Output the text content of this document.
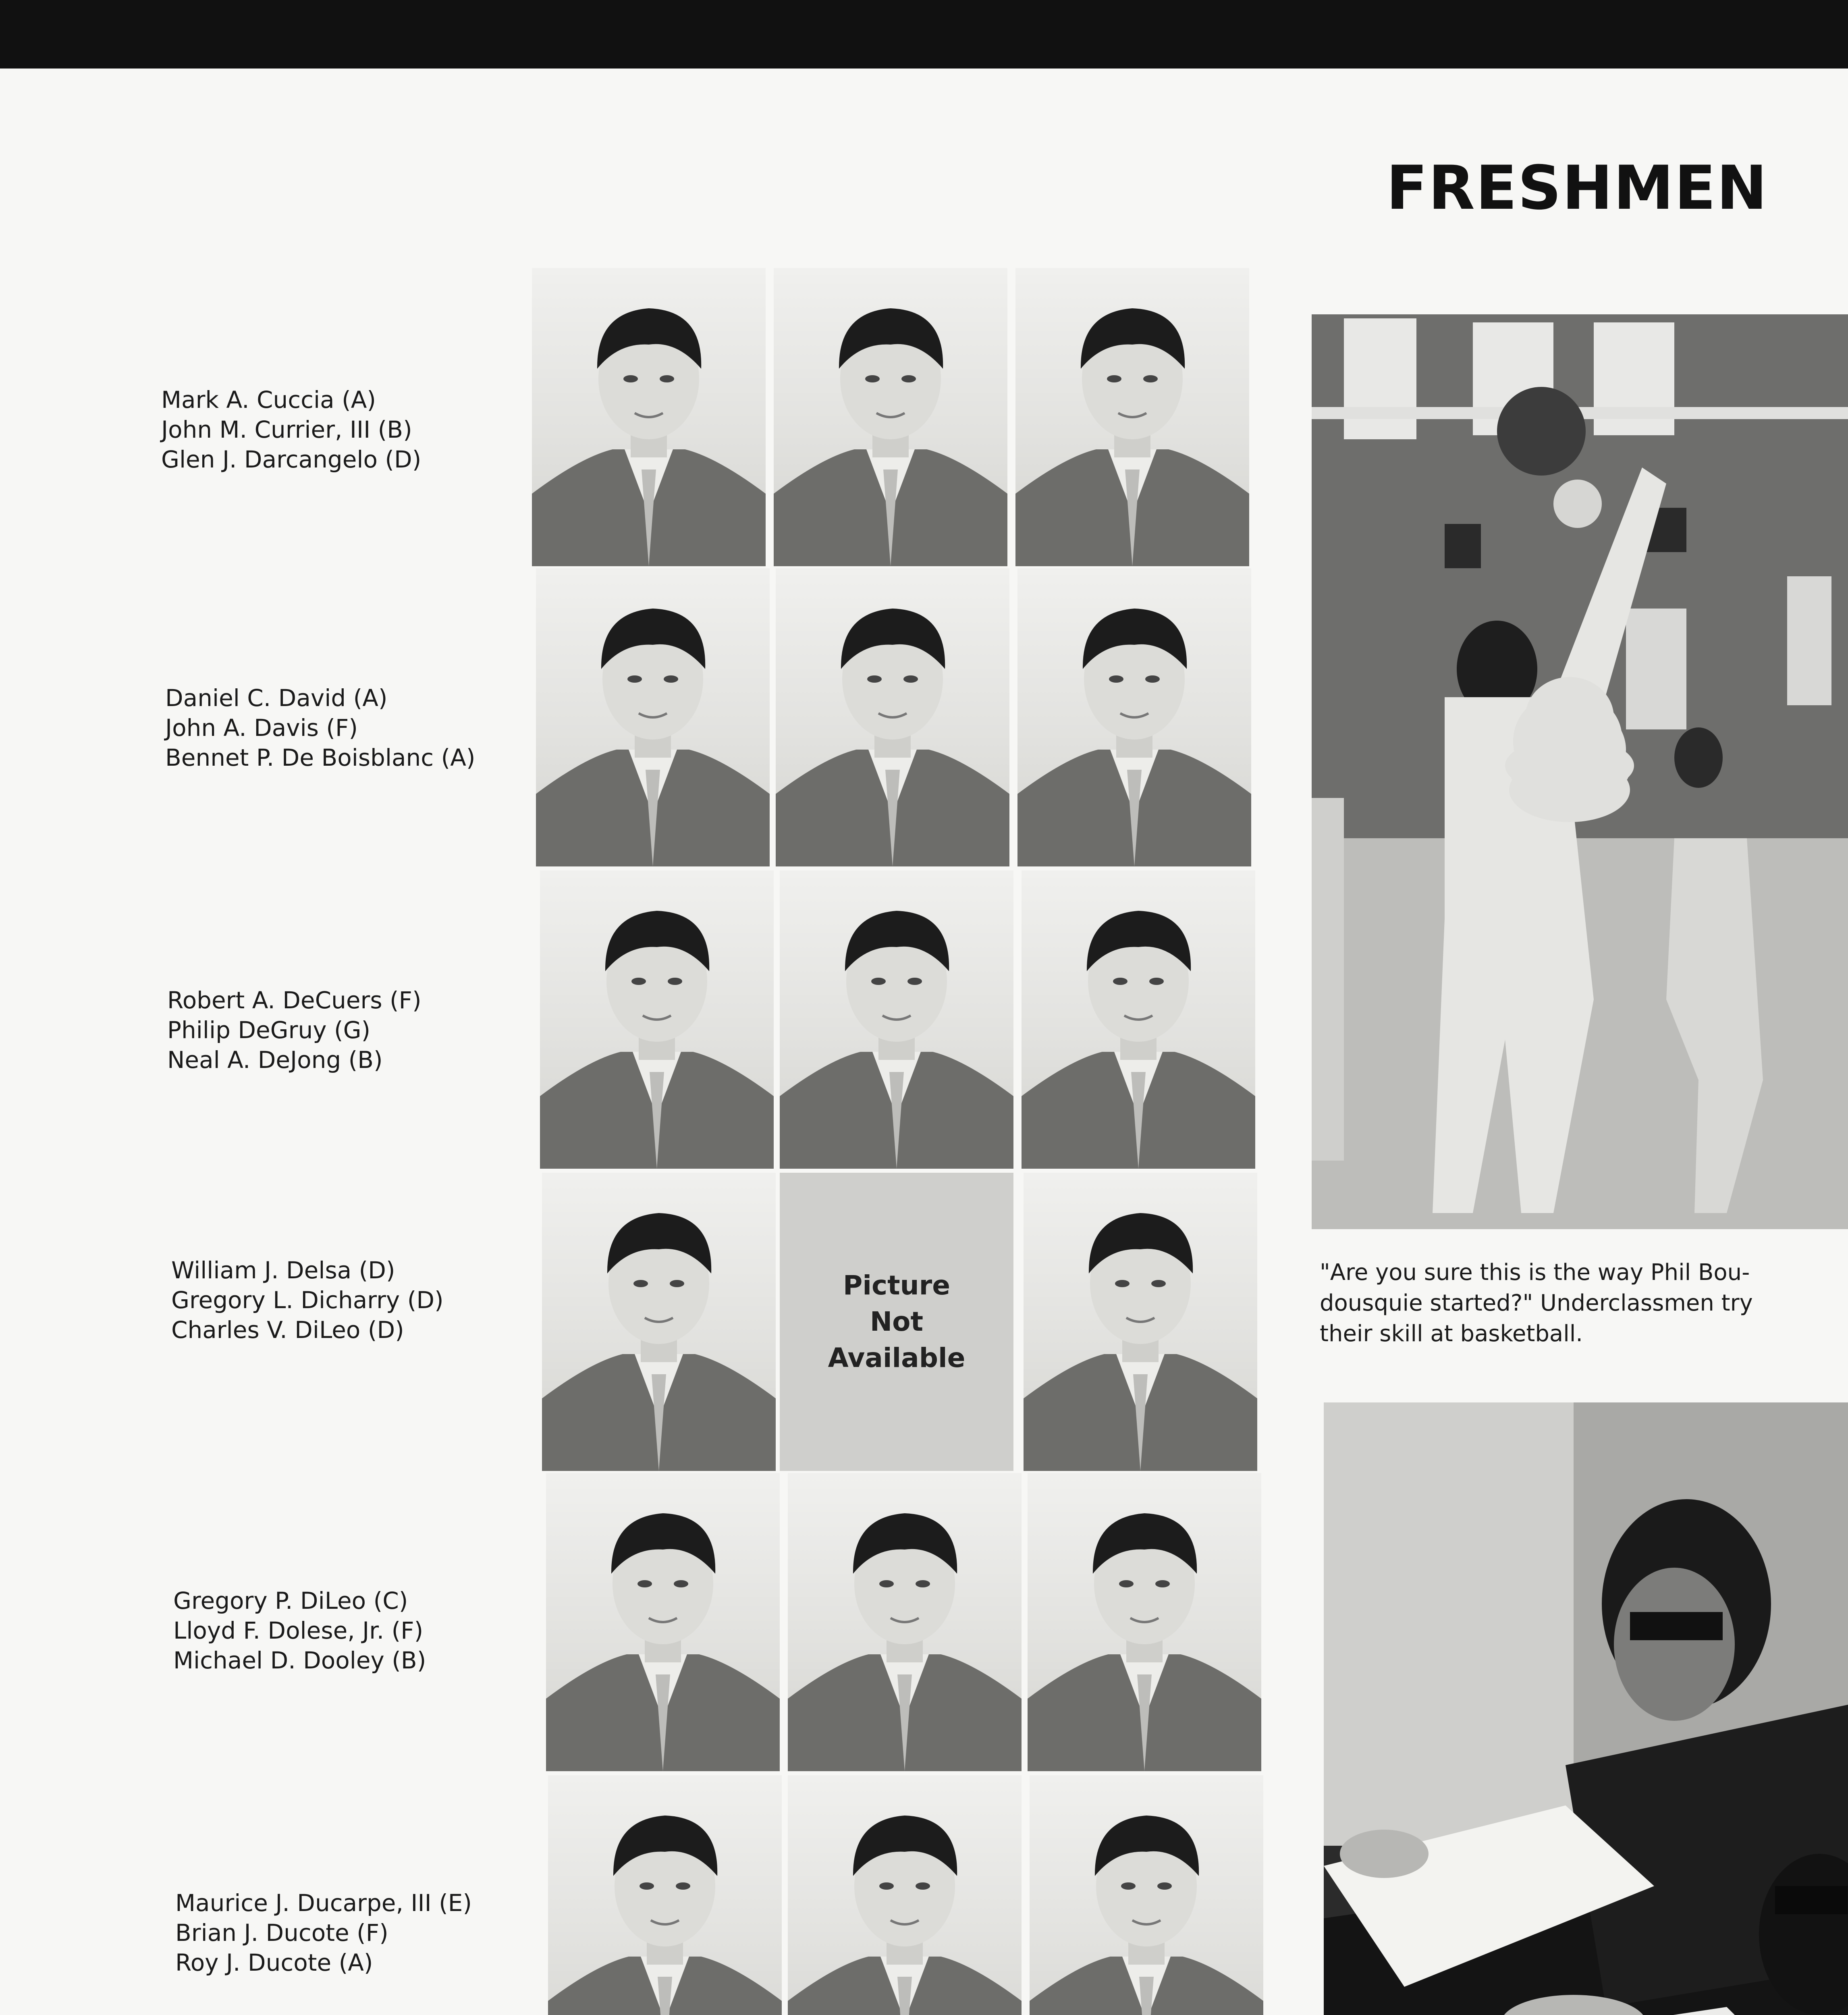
FRESHMEN
Mark A. Cuccia (A)
John M. Currier, III (B)
Glen J. Darcangelo (D)
Daniel C. David (A)
John A. Davis (F)
Bennet P. De Boisblanc (A)
Robert A. DeCuers (F)
Philip DeGruy (G)
Neal A. DeJong (B)
William J. Delsa (D)
Gregory L. Dicharry (D)
Charles V. DiLeo (D)
Gregory P. DiLeo (C)
Lloyd F. Dolese, Jr. (F)
Michael D. Dooley (B)
Maurice J. Ducarpe, III (E)
Brian J. Ducote (F)
Roy J. Ducote (A)
Picture
Not
Available
"Are you sure this is the way Phil Bou-
dousquie started?" Underclassmen try
their skill at basketball.
